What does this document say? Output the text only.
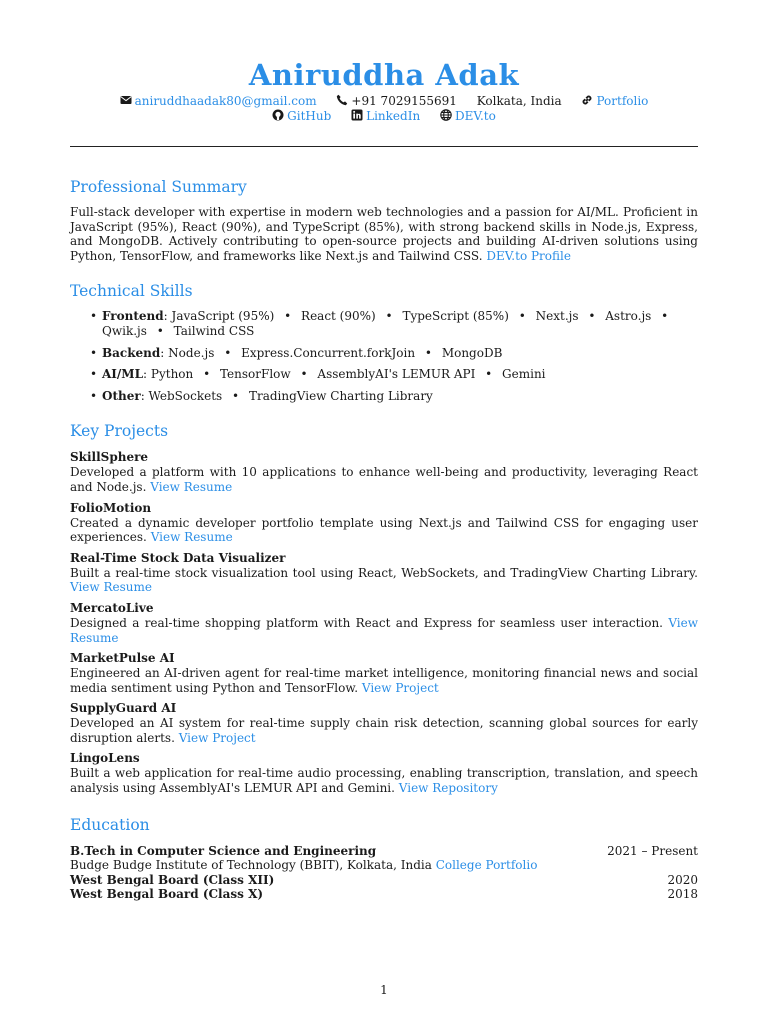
Aniruddha Adak
aniruddhaadak80@gmail.com	+91 7029155691 Kolkata, India	Portfolio
GitHub	LinkedIn	DEV.to
Professional Summary

Full-stack developer with expertise in modern web technologies and a passion for AI/ML. Proficient in JavaScript (95%), React (90%), and TypeScript (85%), with strong backend skills in Node.js, Express, and MongoDB. Actively contributing to open-source projects and building AI-driven solutions using Python, TensorFlow, and frameworks like Next.js and Tailwind CSS. DEV.to Profile

Technical Skills
• Frontend: JavaScript (95%) • React (90%) • TypeScript (85%) • Next.js • Astro.js • Qwik.js • Tailwind CSS
• Backend: Node.js • Express.Concurrent.forkJoin • MongoDB
• AI/ML: Python • TensorFlow • AssemblyAI's LEMUR API • Gemini
• Other: WebSockets • TradingView Charting Library
Key Projects
SkillSphere

Developed a platform with 10 applications to enhance well-being and productivity, leveraging React and Node.js. View Resume

FolioMotion

Created a dynamic developer portfolio template using Next.js and Tailwind CSS for engaging user experiences. View Resume

Real-Time Stock Data Visualizer

Built a real-time stock visualization tool using React, WebSockets, and TradingView Charting Library. View Resume

MercatoLive

Designed a real-time shopping platform with React and Express for seamless user interaction. View Resume

MarketPulse AI

Engineered an AI-driven agent for real-time market intelligence, monitoring financial news and social media sentiment using Python and TensorFlow. View Project

SupplyGuard AI

Developed an AI system for real-time supply chain risk detection, scanning global sources for early disruption alerts. View Project

LingoLens

Built a web application for real-time audio processing, enabling transcription, translation, and speech analysis using AssemblyAI's LEMUR API and Gemini. View Repository

Education
B.Tech in Computer Science and Engineering	2021 – Present
Budge Budge Institute of Technology (BBIT), Kolkata, India College Portfolio
West Bengal Board (Class XII)	2020
West Bengal Board (Class X)	2018
1
